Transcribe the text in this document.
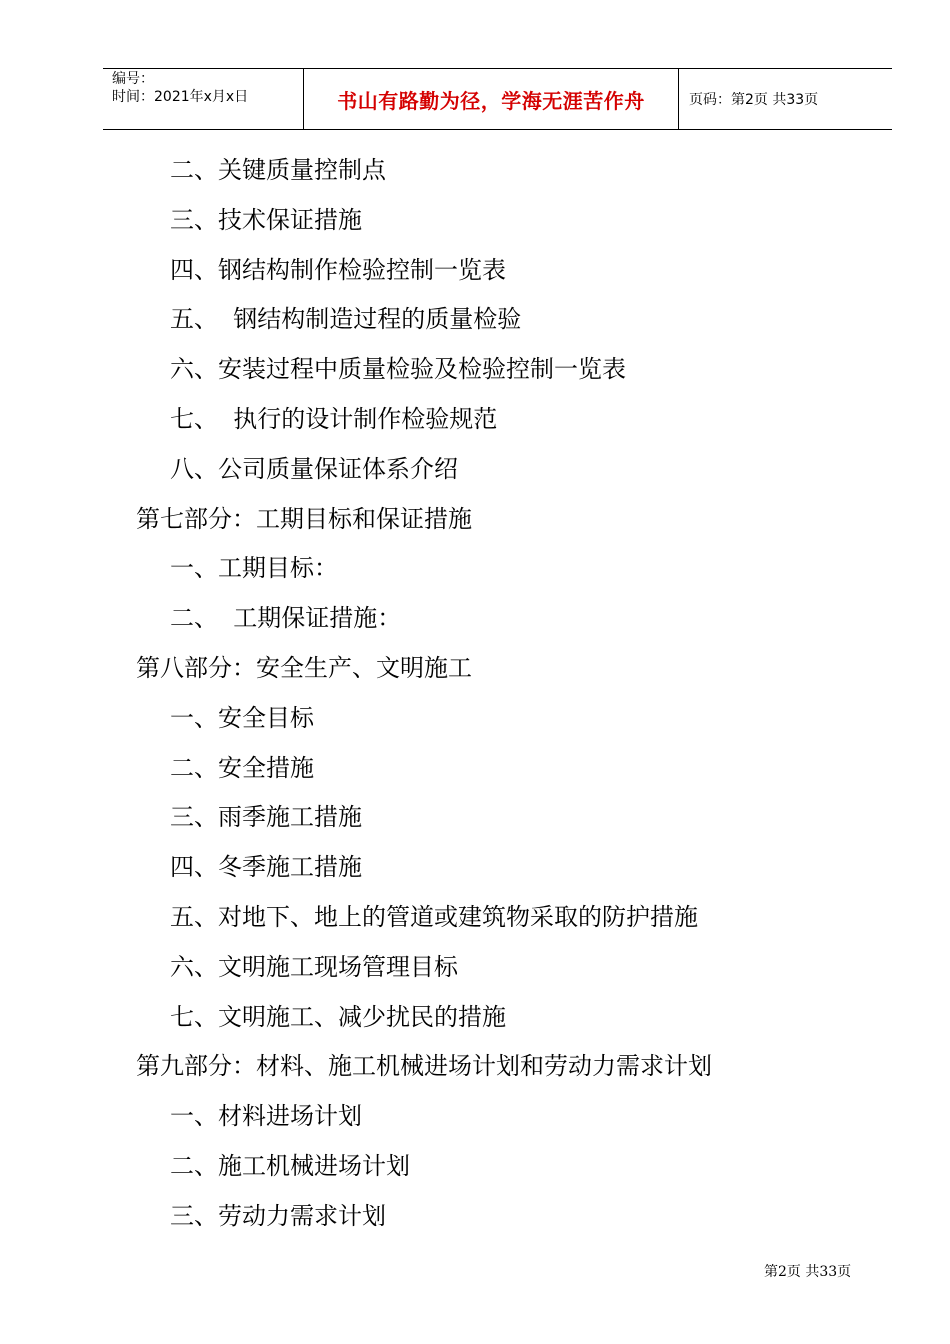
编号：
时间：2021年x月x日	书山有路勤为径，学海无涯苦作舟	页码：第2页 共33页
二、关键质量控制点
三、技术保证措施
四、钢结构制作检验控制一览表
五、  钢结构制造过程的质量检验
六、安装过程中质量检验及检验控制一览表
七、  执行的设计制作检验规范
八、公司质量保证体系介绍
第七部分：工期目标和保证措施
一、工期目标：
二、  工期保证措施：
第八部分：安全生产、文明施工
一、安全目标
二、安全措施
三、雨季施工措施
四、冬季施工措施
五、对地下、地上的管道或建筑物采取的防护措施
六、文明施工现场管理目标
七、文明施工、减少扰民的措施
第九部分：材料、施工机械进场计划和劳动力需求计划
一、材料进场计划
二、施工机械进场计划
三、劳动力需求计划
第2页 共33页
